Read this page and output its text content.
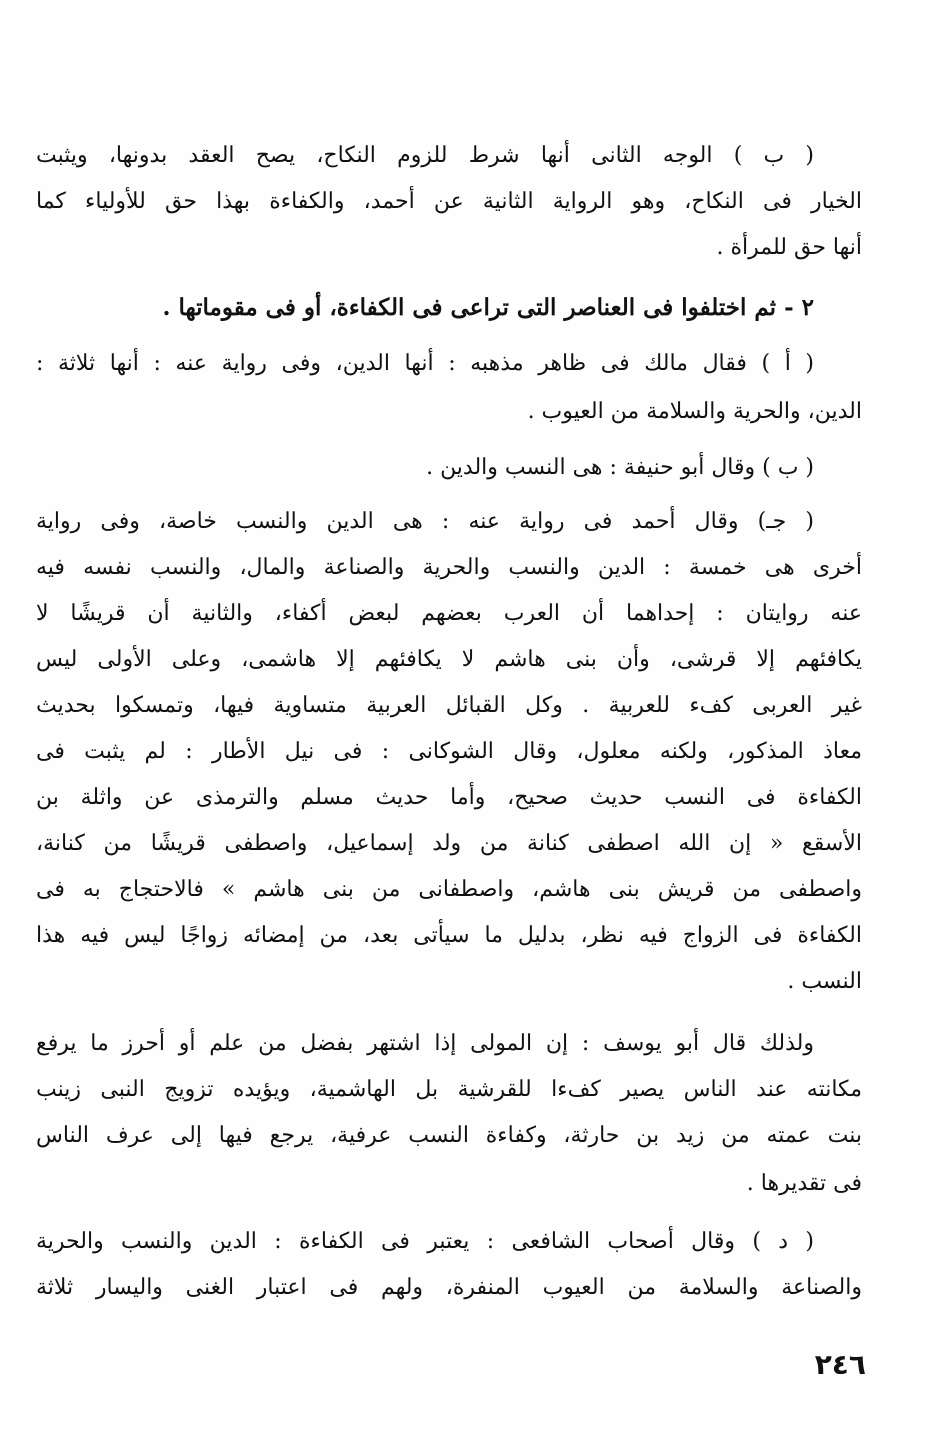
( ب ) الوجه الثانى أنها شرط للزوم النكاح، يصح العقد بدونها، ويثبت
الخيار فى النكاح، وهو الرواية الثانية عن أحمد، والكفاءة بهذا حق للأولياء كما
أنها حق للمرأة .
٢ - ثم اختلفوا فى العناصر التى تراعى فى الكفاءة، أو فى مقوماتها .
( أ ) فقال مالك فى ظاهر مذهبه : أنها الدين، وفى رواية عنه : أنها ثلاثة :
الدين، والحرية والسلامة من العيوب .
( ب ) وقال أبو حنيفة : هى النسب والدين .
( جـ) وقال أحمد فى رواية عنه : هى الدين والنسب خاصة، وفى رواية
أخرى هى خمسة : الدين والنسب والحرية والصناعة والمال، والنسب نفسه فيه
عنه روايتان : إحداهما أن العرب بعضهم لبعض أكفاء، والثانية أن قريشًا لا
يكافئهم إلا قرشى، وأن بنى هاشم لا يكافئهم إلا هاشمى، وعلى الأولى ليس
غير العربى كفء للعربية . وكل القبائل العربية متساوية فيها، وتمسكوا بحديث
معاذ المذكور، ولكنه معلول، وقال الشوكانى : فى نيل الأطار : لم يثبت فى
الكفاءة فى النسب حديث صحيح، وأما حديث مسلم والترمذى عن واثلة بن
الأسقع « إن الله اصطفى كنانة من ولد إسماعيل، واصطفى قريشًا من كنانة،
واصطفى من قريش بنى هاشم، واصطفانى من بنى هاشم » فالاحتجاج به فى
الكفاءة فى الزواج فيه نظر، بدليل ما سيأتى بعد، من إمضائه زواجًا ليس فيه هذا
النسب .
ولذلك قال أبو يوسف : إن المولى إذا اشتهر بفضل من علم أو أحرز ما يرفع
مكانته عند الناس يصير كفءا للقرشية بل الهاشمية، ويؤيده تزويج النبى زينب
بنت عمته من زيد بن حارثة، وكفاءة النسب عرفية، يرجع فيها إلى عرف الناس
فى تقديرها .
( د ) وقال أصحاب الشافعى : يعتبر فى الكفاءة : الدين والنسب والحرية
والصناعة والسلامة من العيوب المنفرة، ولهم فى اعتبار الغنى واليسار ثلاثة
٢٤٦
